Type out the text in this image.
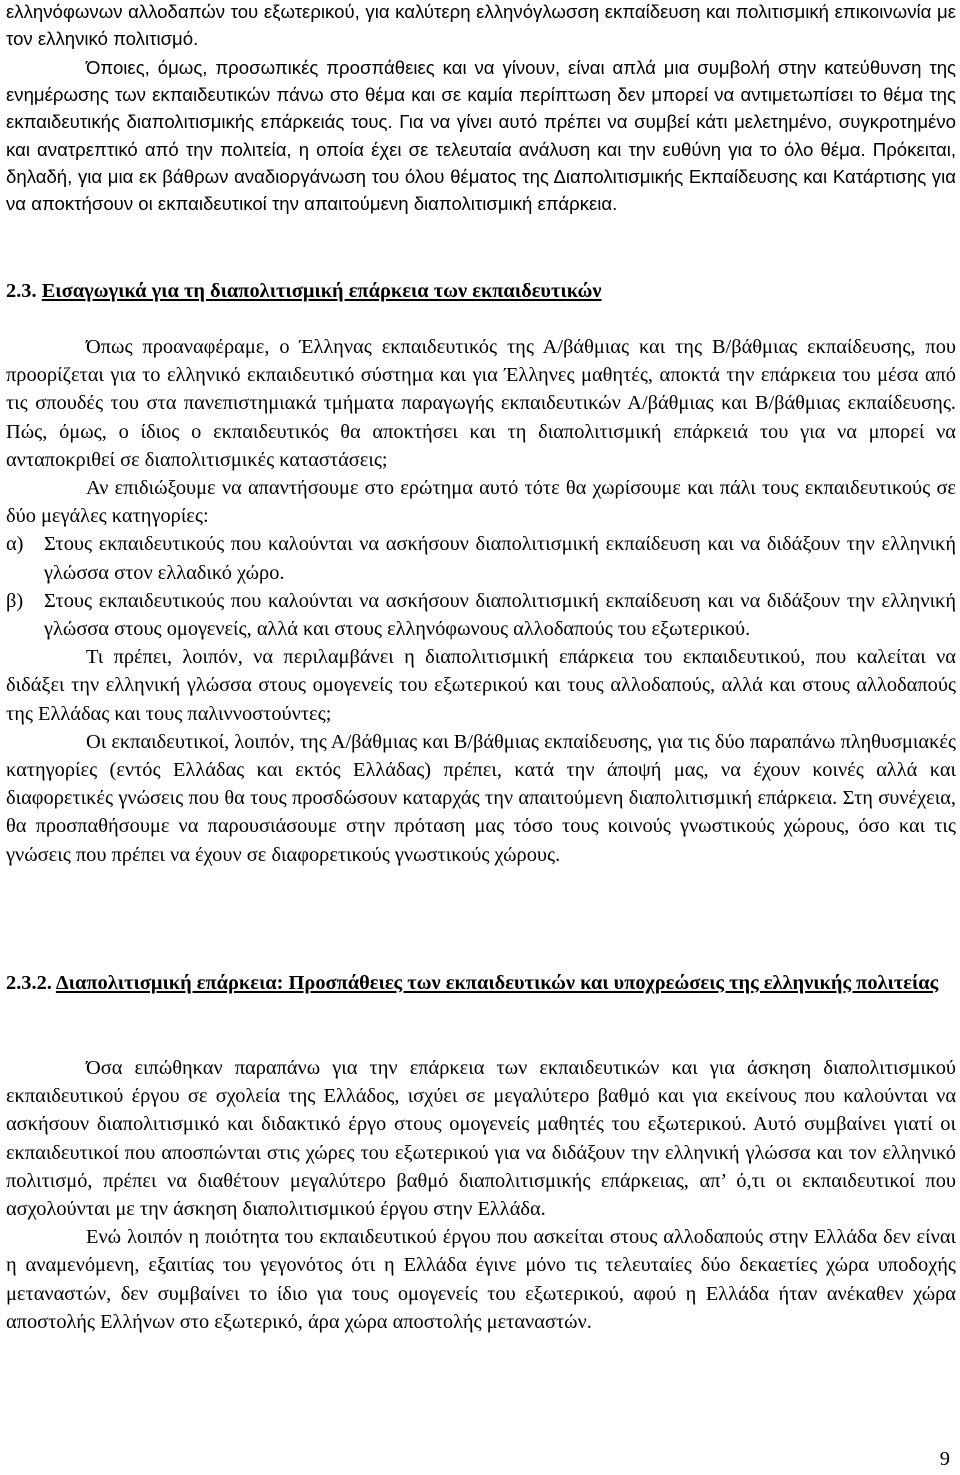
ελληνόφωνων αλλοδαπών του εξωτερικού, για καλύτερη ελληνόγλωσση εκπαίδευση και πολιτισμική επικοινωνία με τον ελληνικό πολιτισμό.

Όποιες, όμως, προσωπικές προσπάθειες και να γίνουν, είναι απλά μια συμβολή στην κατεύθυνση της ενημέρωσης των εκπαιδευτικών πάνω στο θέμα και σε καμία περίπτωση δεν μπορεί να αντιμετωπίσει το θέμα της εκπαιδευτικής διαπολιτισμικής επάρκειάς τους. Για να γίνει αυτό πρέπει να συμβεί κάτι μελετημένο, συγκροτημένο και ανατρεπτικό από την πολιτεία, η οποία έχει σε τελευταία ανάλυση και την ευθύνη για το όλο θέμα. Πρόκειται, δηλαδή, για μια εκ βάθρων αναδιοργάνωση του όλου θέματος της Διαπολιτισμικής Εκπαίδευσης και Κατάρτισης για να αποκτήσουν οι εκπαιδευτικοί την απαιτούμενη διαπολιτισμική επάρκεια.

2.3. Εισαγωγικά για τη διαπολιτισμική επάρκεια των εκπαιδευτικών

Όπως προαναφέραμε, ο Έλληνας εκπαιδευτικός της Α/βάθμιας και της Β/βάθμιας εκπαίδευσης, που προορίζεται για το ελληνικό εκπαιδευτικό σύστημα και για Έλληνες μαθητές, αποκτά την επάρκεια του μέσα από τις σπουδές του στα πανεπιστημιακά τμήματα παραγωγής εκπαιδευτικών Α/βάθμιας και Β/βάθμιας εκπαίδευσης. Πώς, όμως, ο ίδιος ο εκπαιδευτικός θα αποκτήσει και τη διαπολιτισμική επάρκειά του για να μπορεί να ανταποκριθεί σε διαπολιτισμικές καταστάσεις;

Αν επιδιώξουμε να απαντήσουμε στο ερώτημα αυτό τότε θα χωρίσουμε και πάλι τους εκπαιδευτικούς σε δύο μεγάλες κατηγορίες:

α) Στους εκπαιδευτικούς που καλούνται να ασκήσουν διαπολιτισμική εκπαίδευση και να διδάξουν την ελληνική γλώσσα στον ελλαδικό χώρο.

β) Στους εκπαιδευτικούς που καλούνται να ασκήσουν διαπολιτισμική εκπαίδευση και να διδάξουν την ελληνική γλώσσα στους ομογενείς, αλλά και στους ελληνόφωνους αλλοδαπούς του εξωτερικού.

Τι πρέπει, λοιπόν, να περιλαμβάνει η διαπολιτισμική επάρκεια του εκπαιδευτικού, που καλείται να διδάξει την ελληνική γλώσσα στους ομογενείς του εξωτερικού και τους αλλοδαπούς, αλλά και στους αλλοδαπούς της Ελλάδας και τους παλιννοστούντες;

Οι εκπαιδευτικοί, λοιπόν, της Α/βάθμιας και Β/βάθμιας εκπαίδευσης, για τις δύο παραπάνω πληθυσμιακές κατηγορίες (εντός Ελλάδας και εκτός Ελλάδας) πρέπει, κατά την άποψή μας, να έχουν κοινές αλλά και διαφορετικές γνώσεις που θα τους προσδώσουν καταρχάς την απαιτούμενη διαπολιτισμική επάρκεια. Στη συνέχεια, θα προσπαθήσουμε να παρουσιάσουμε στην πρόταση μας τόσο τους κοινούς γνωστικούς χώρους, όσο και τις γνώσεις που πρέπει να έχουν σε διαφορετικούς γνωστικούς χώρους.

2.3.2. Διαπολιτισμική επάρκεια: Προσπάθειες των εκπαιδευτικών και υποχρεώσεις της ελληνικής πολιτείας

Όσα ειπώθηκαν παραπάνω για την επάρκεια των εκπαιδευτικών και για άσκηση διαπολιτισμικού εκπαιδευτικού έργου σε σχολεία της Ελλάδος, ισχύει σε μεγαλύτερο βαθμό και για εκείνους που καλούνται να ασκήσουν διαπολιτισμικό και διδακτικό έργο στους ομογενείς μαθητές του εξωτερικού. Αυτό συμβαίνει γιατί οι εκπαιδευτικοί που αποσπώνται στις χώρες του εξωτερικού για να διδάξουν την ελληνική γλώσσα και τον ελληνικό πολιτισμό, πρέπει να διαθέτουν μεγαλύτερο βαθμό διαπολιτισμικής επάρκειας, απ’ ό,τι οι εκπαιδευτικοί που ασχολούνται με την άσκηση διαπολιτισμικού έργου στην Ελλάδα.

Ενώ λοιπόν η ποιότητα του εκπαιδευτικού έργου που ασκείται στους αλλοδαπούς στην Ελλάδα δεν είναι η αναμενόμενη, εξαιτίας του γεγονότος ότι η Ελλάδα έγινε μόνο τις τελευταίες δύο δεκαετίες χώρα υποδοχής μεταναστών, δεν συμβαίνει το ίδιο για τους ομογενείς του εξωτερικού, αφού η Ελλάδα ήταν ανέκαθεν χώρα αποστολής Ελλήνων στο εξωτερικό, άρα χώρα αποστολής μεταναστών.

9
